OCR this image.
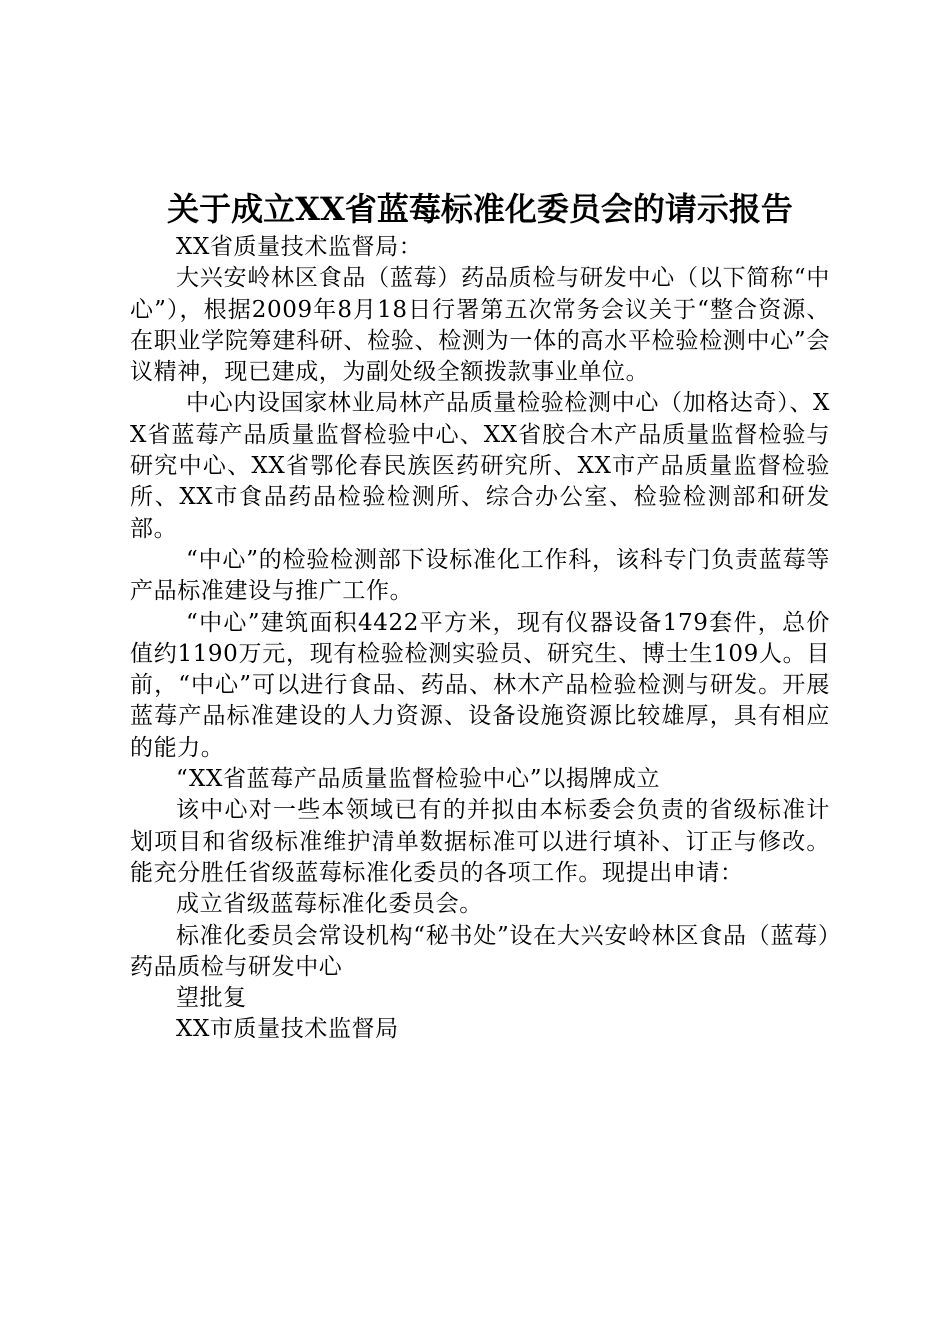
关于成立XX省蓝莓标准化委员会的请示报告

XX省质量技术监督局：

大兴安岭林区食品（蓝莓）药品质检与研发中心（以下简称“中心”），根据2009年8月18日行署第五次常务会议关于“整合资源、在职业学院筹建科研、检验、检测为一体的高水平检验检测中心”会议精神，现已建成，为副处级全额拨款事业单位。

中心内设国家林业局林产品质量检验检测中心（加格达奇）、XX省蓝莓产品质量监督检验中心、XX省胶合木产品质量监督检验与研究中心、XX省鄂伦春民族医药研究所、XX市产品质量监督检验所、XX市食品药品检验检测所、综合办公室、检验检测部和研发部。

“中心”的检验检测部下设标准化工作科，该科专门负责蓝莓等产品标准建设与推广工作。

“中心”建筑面积4422平方米，现有仪器设备179套件，总价值约1190万元，现有检验检测实验员、研究生、博士生109人。目前，“中心”可以进行食品、药品、林木产品检验检测与研发。开展蓝莓产品标准建设的人力资源、设备设施资源比较雄厚，具有相应的能力。

“XX省蓝莓产品质量监督检验中心”以揭牌成立

该中心对一些本领域已有的并拟由本标委会负责的省级标准计划项目和省级标准维护清单数据标准可以进行填补、订正与修改。能充分胜任省级蓝莓标准化委员的各项工作。现提出申请：

成立省级蓝莓标准化委员会。

标准化委员会常设机构“秘书处”设在大兴安岭林区食品（蓝莓）药品质检与研发中心

望批复

XX市质量技术监督局
